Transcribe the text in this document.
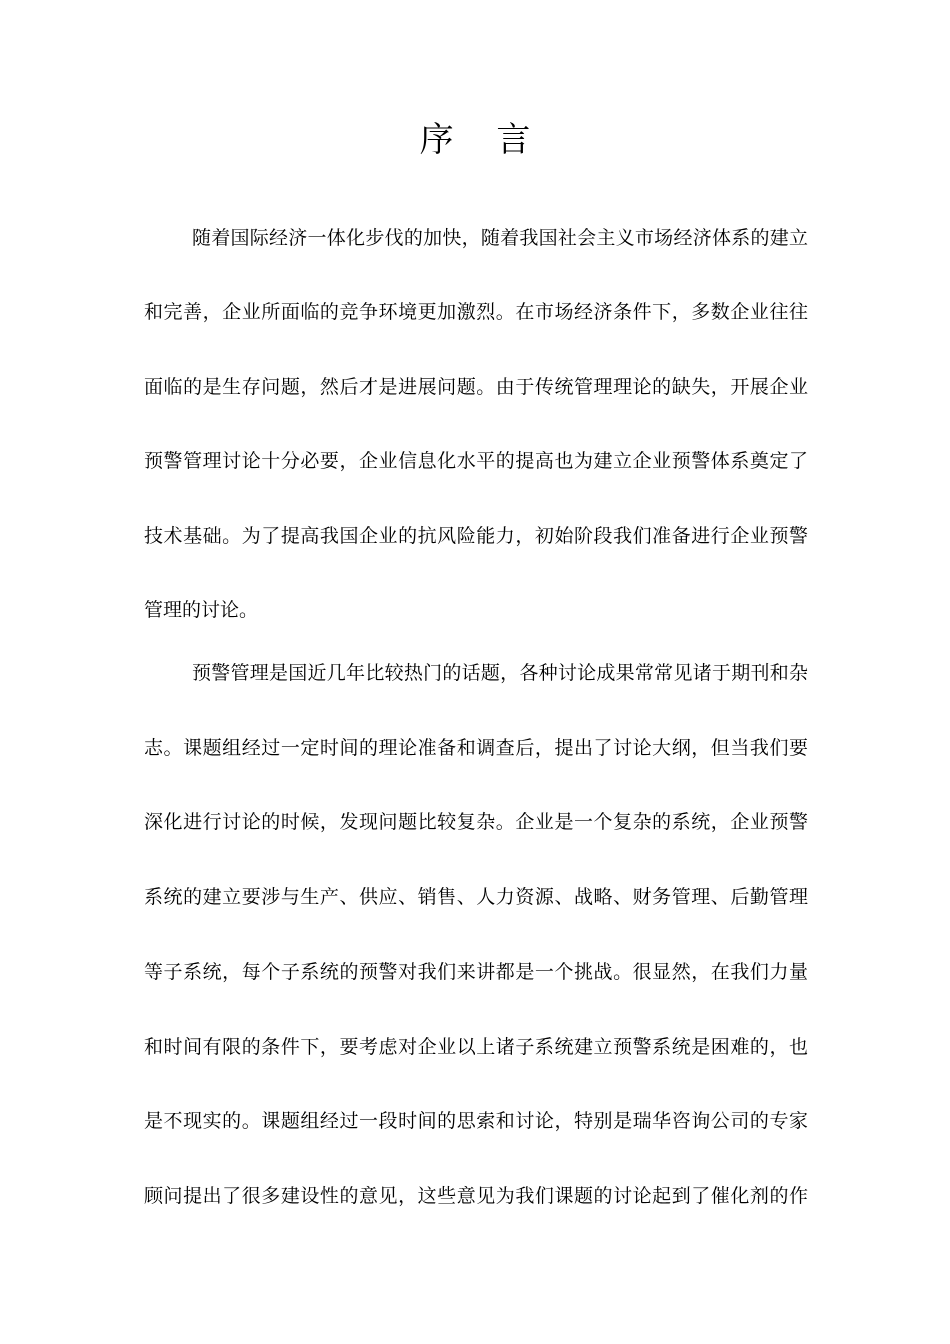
序 言

随着国际经济一体化步伐的加快，随着我国社会主义市场经济体系的建立

和完善，企业所面临的竞争环境更加激烈。在市场经济条件下，多数企业往往

面临的是生存问题，然后才是进展问题。由于传统管理理论的缺失，开展企业

预警管理讨论十分必要，企业信息化水平的提高也为建立企业预警体系奠定了

技术基础。为了提高我国企业的抗风险能力，初始阶段我们准备进行企业预警

管理的讨论。

预警管理是国近几年比较热门的话题，各种讨论成果常常见诸于期刊和杂

志。课题组经过一定时间的理论准备和调查后，提出了讨论大纲，但当我们要

深化进行讨论的时候，发现问题比较复杂。企业是一个复杂的系统，企业预警

系统的建立要涉与生产、供应、销售、人力资源、战略、财务管理、后勤管理

等子系统，每个子系统的预警对我们来讲都是一个挑战。很显然，在我们力量

和时间有限的条件下，要考虑对企业以上诸子系统建立预警系统是困难的，也

是不现实的。课题组经过一段时间的思索和讨论，特别是瑞华咨询公司的专家

顾问提出了很多建设性的意见，这些意见为我们课题的讨论起到了催化剂的作
